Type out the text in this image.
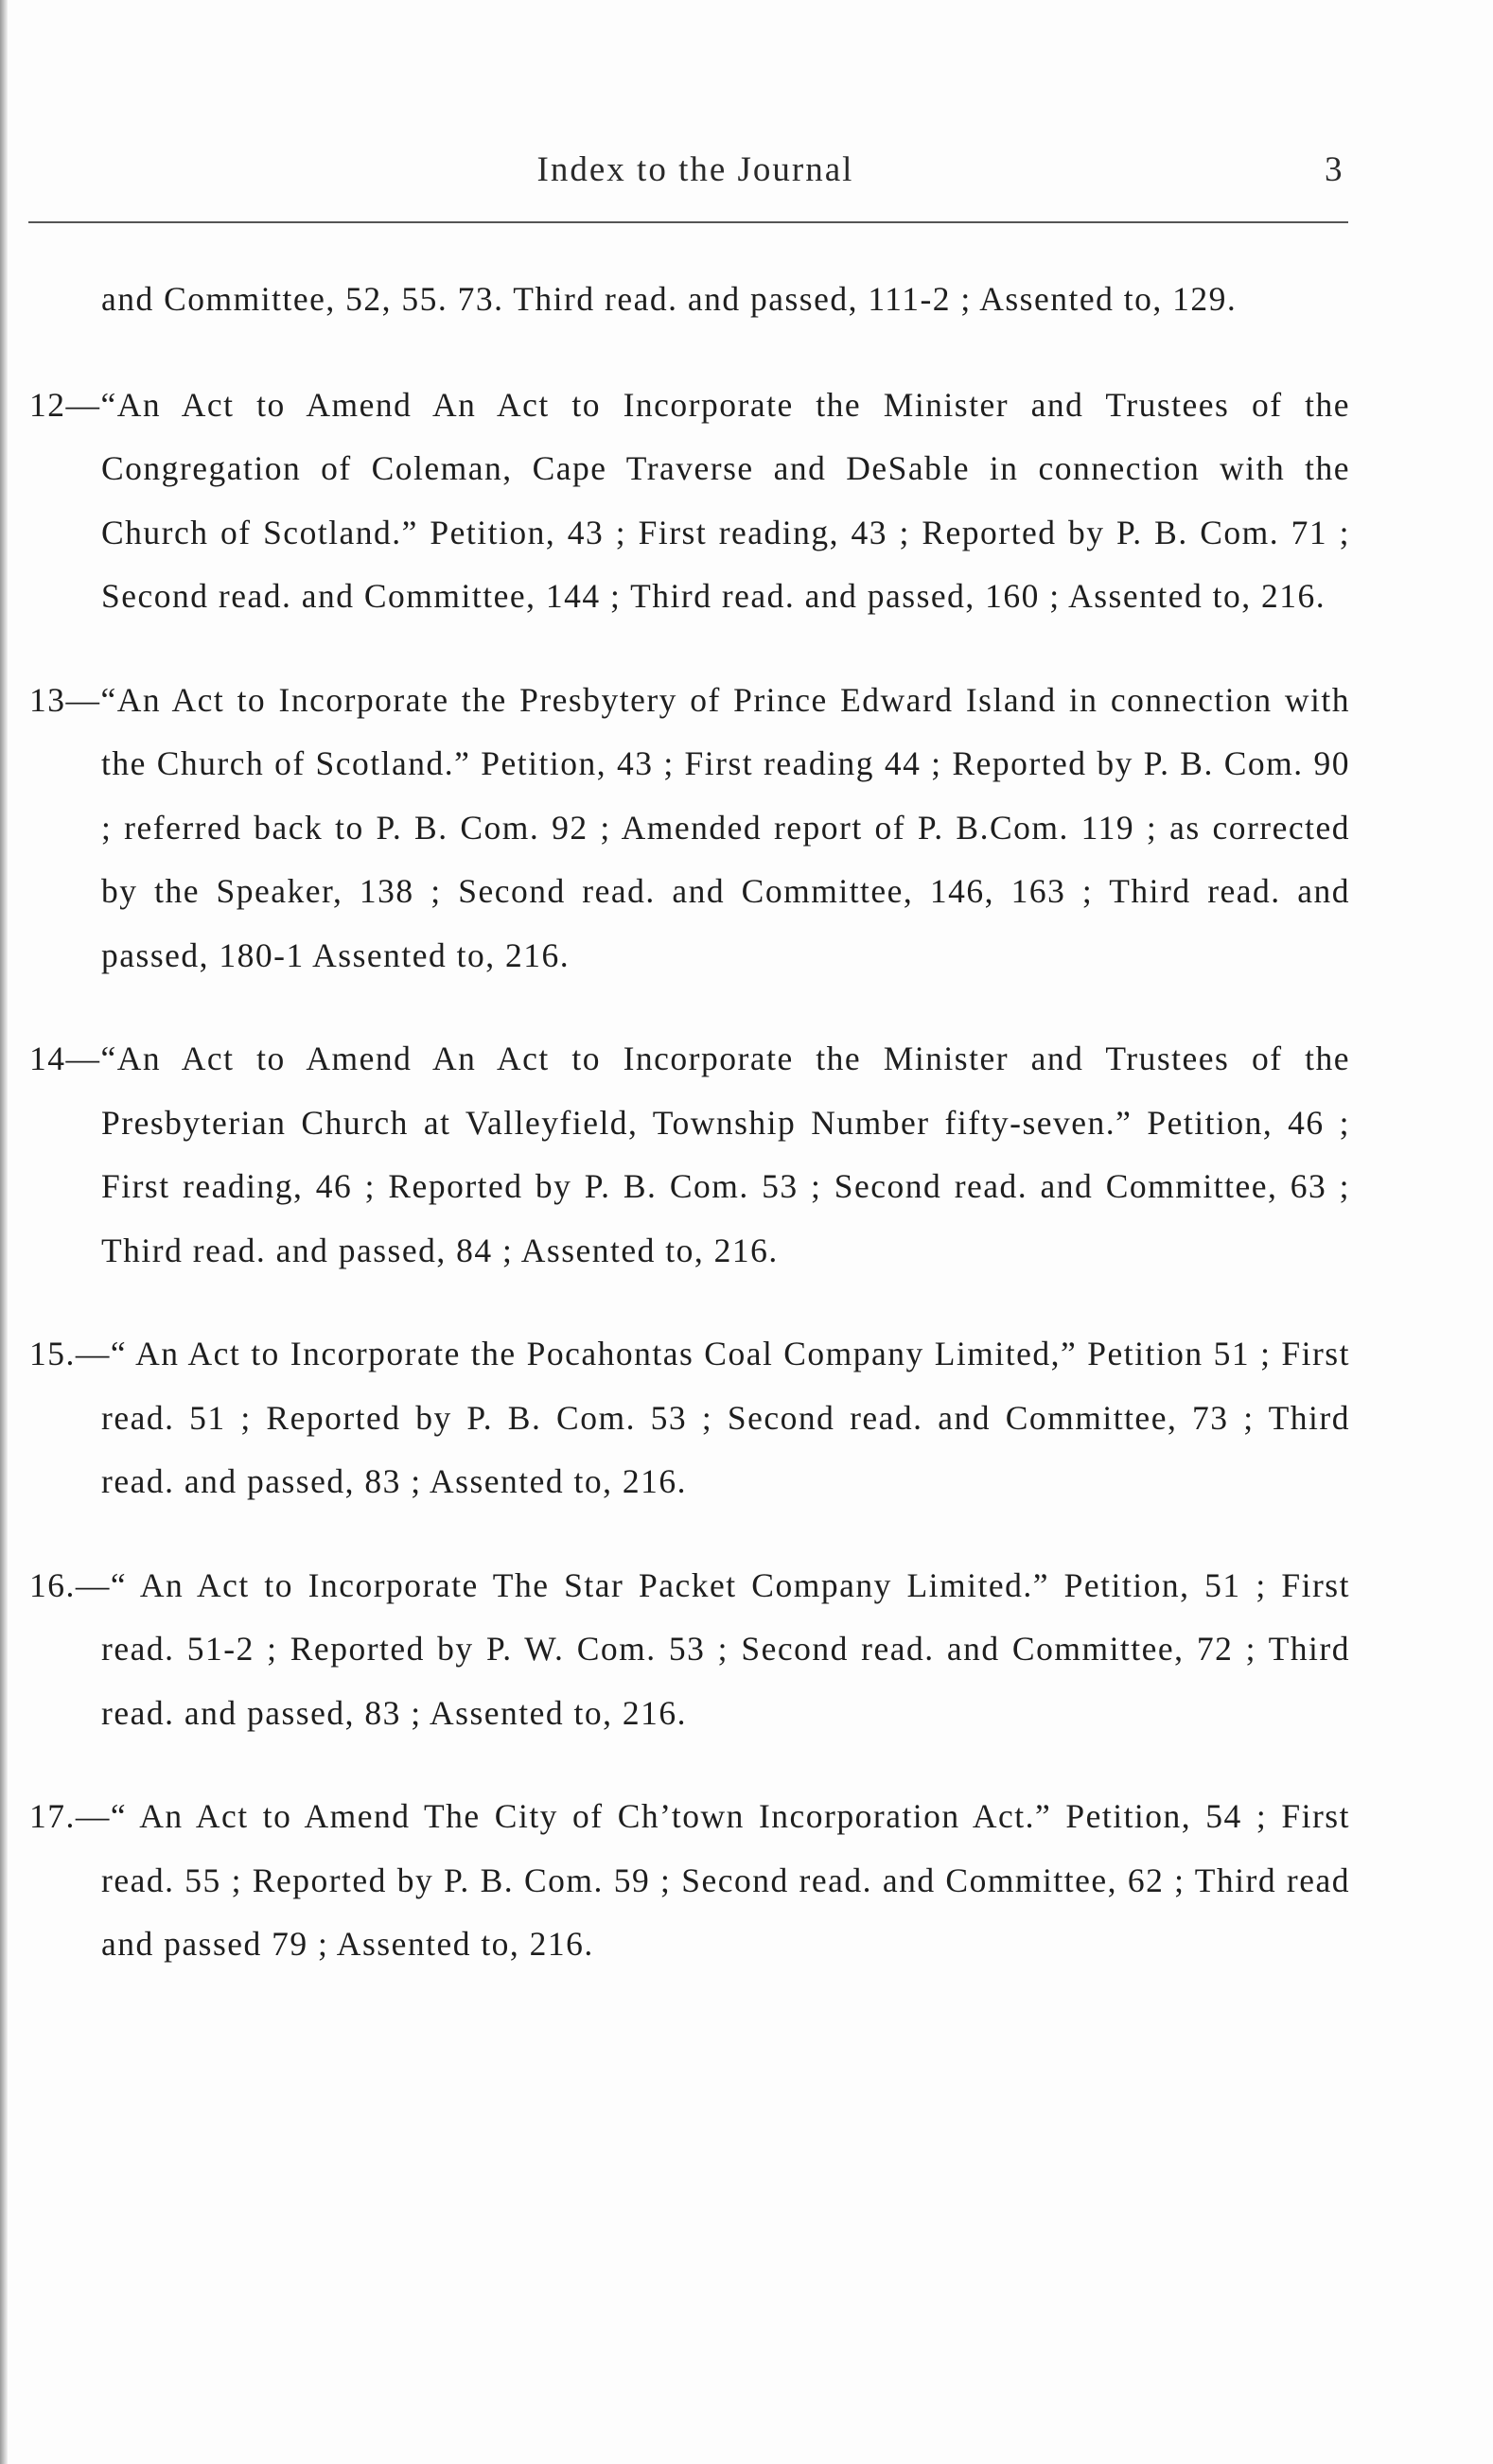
Index to the Journal	3

and Committee, 52, 55. 73. Third read. and passed, 111-2 ; Assented to, 129.

12—“An Act to Amend An Act to Incorporate the Minister and Trustees of the Congregation of Coleman, Cape Traverse and DeSable in connection with the Church of Scotland.” Petition, 43 ; First reading, 43 ; Reported by P. B. Com. 71 ; Second read. and Committee, 144 ; Third read. and passed, 160 ; Assented to, 216.

13—“An Act to Incorporate the Presbytery of Prince Edward Island in connection with the Church of Scotland.” Petition, 43 ; First reading 44 ; Reported by P. B. Com. 90 ; referred back to P. B. Com. 92 ; Amended report of P. B.Com. 119 ; as corrected by the Speaker, 138 ; Second read. and Committee, 146, 163 ; Third read. and passed, 180-1 Assented to, 216.

14—“An Act to Amend An Act to Incorporate the Minister and Trustees of the Presbyterian Church at Valleyfield, Township Number fifty-seven.” Petition, 46 ; First reading, 46 ; Reported by P. B. Com. 53 ; Second read. and Committee, 63 ; Third read. and passed, 84 ; Assented to, 216.

15.—“ An Act to Incorporate the Pocahontas Coal Company Limited,” Petition 51 ; First read. 51 ; Reported by P. B. Com. 53 ; Second read. and Committee, 73 ; Third read. and passed, 83 ; Assented to, 216.

16.—“ An Act to Incorporate The Star Packet Company Limited.” Petition, 51 ; First read. 51-2 ; Reported by P. W. Com. 53 ; Second read. and Committee, 72 ; Third read. and passed, 83 ; Assented to, 216.

17.—“ An Act to Amend The City of Ch’town Incorporation Act.” Petition, 54 ; First read. 55 ; Reported by P. B. Com. 59 ; Second read. and Committee, 62 ; Third read and passed 79 ; Assented to, 216.
